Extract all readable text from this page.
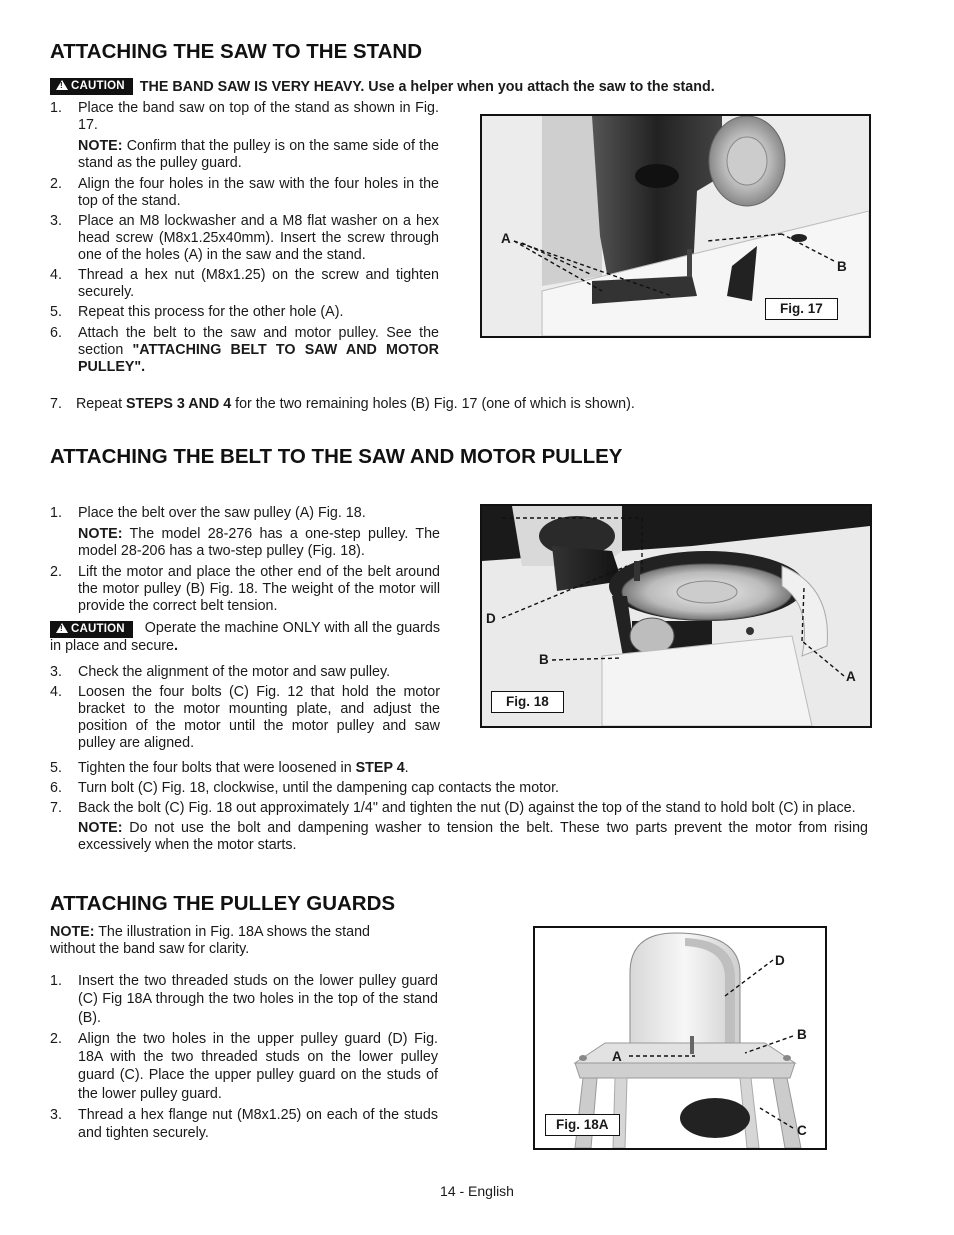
ATTACHING THE SAW TO THE STAND
!CAUTION THE BAND SAW IS VERY HEAVY. Use a helper when you attach the saw to the stand.
1. Place the band saw on top of the stand as shown in Fig. 17.
NOTE: Confirm that the pulley is on the same side of the stand as the pulley guard.
2. Align the four holes in the saw with the four holes in the top of the stand.
3. Place an M8 lockwasher and a M8 flat washer on a hex head screw (M8x1.25x40mm). Insert the screw through one of the holes (A) in the saw and the stand.
4. Thread a hex nut (M8x1.25) on the screw and tighten securely.
5. Repeat this process for the other hole (A).
6. Attach the belt to the saw and motor pulley. See the section "ATTACHING BELT TO SAW AND MOTOR PULLEY".
7. Repeat STEPS 3 AND 4 for the two remaining holes (B) Fig. 17 (one of which is shown).
A
B
Fig. 17
ATTACHING THE BELT TO THE SAW AND MOTOR PULLEY
1. Place the belt over the saw pulley (A) Fig. 18.
NOTE: The model 28-276 has a one-step pulley. The model 28-206 has a two-step pulley (Fig. 18).
2. Lift the motor and place the other end of the belt around the motor pulley (B) Fig. 18. The weight of the motor will provide the correct belt tension.
!CAUTION Operate the machine ONLY with all the guards in place and secure.
3. Check the alignment of the motor and saw pulley.
4. Loosen the four bolts (C) Fig. 12 that hold the motor bracket to the motor mounting plate, and adjust the position of the motor until the motor pulley and saw pulley are aligned.
5. Tighten the four bolts that were loosened in STEP 4.
6. Turn bolt (C) Fig. 18, clockwise, until the dampening cap contacts the motor.
7. Back the bolt (C) Fig. 18 out approximately 1/4" and tighten the nut (D) against the top of the stand to hold bolt (C) in place.
NOTE: Do not use the bolt and dampening washer to tension the belt. These two parts prevent the motor from rising excessively when the motor starts.
C
D
B
A
Fig. 18
ATTACHING THE PULLEY GUARDS
NOTE: The illustration in Fig. 18A shows the stand without the band saw for clarity.
1. Insert the two threaded studs on the lower pulley guard (C) Fig 18A through the two holes in the top of the stand (B).
2. Align the two holes in the upper pulley guard (D) Fig. 18A with the two threaded studs on the lower pulley guard (C). Place the upper pulley guard on the studs of the lower pulley guard.
3. Thread a hex flange nut (M8x1.25) on each of the studs and tighten securely.
D
B
A
C
Fig. 18A
14 - English
